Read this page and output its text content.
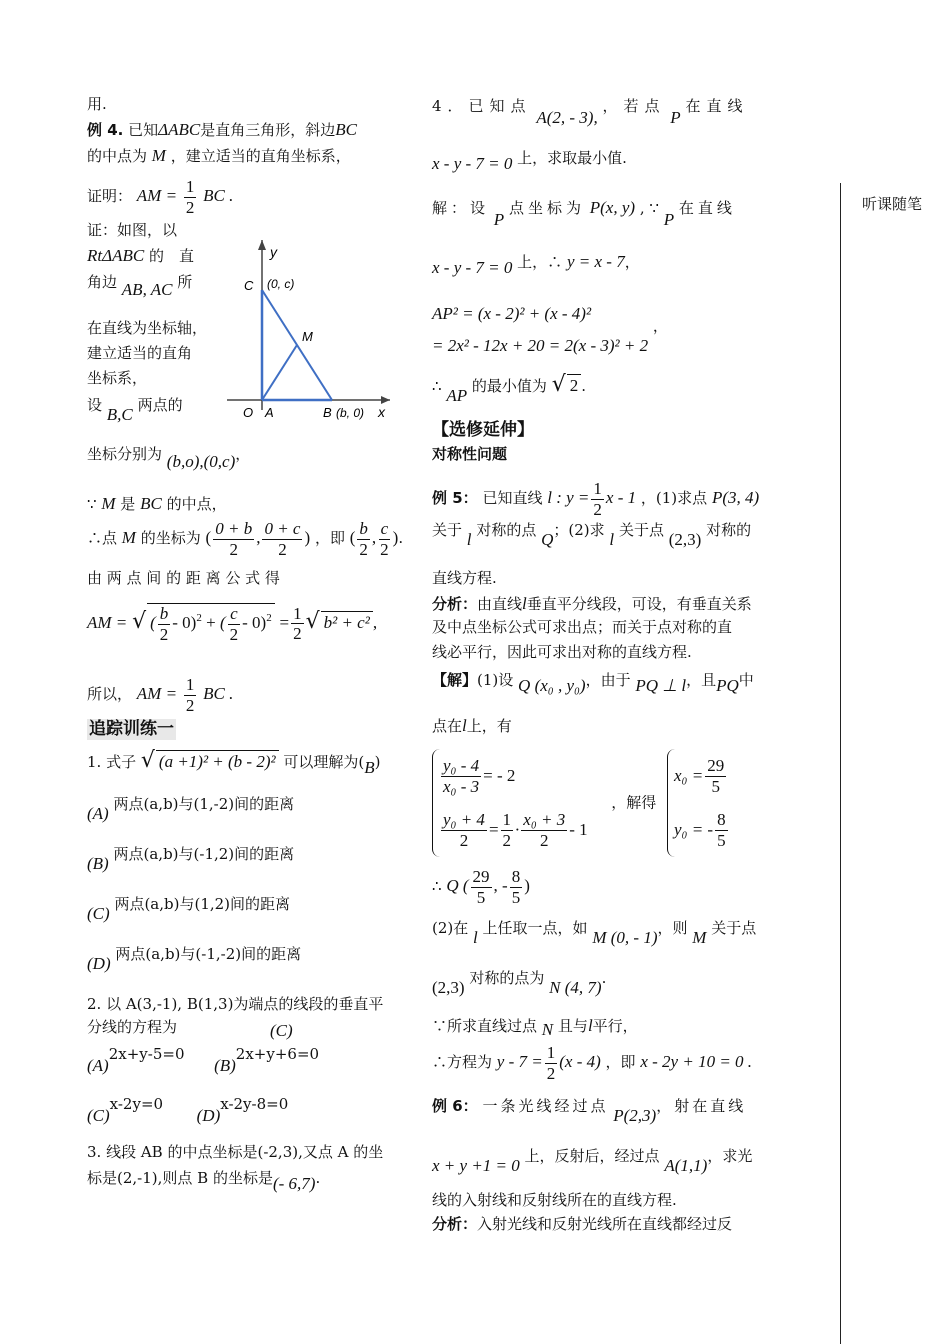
听课随笔
用.
例 4. 已知ΔABC是直角三角形，斜边BC
的中点为 M ，建立适当的直角坐标系，
证明： AM = $\frac{1}{2}$ BC .
证：如图，以
RtΔABC 的　直
角边 AB, AC 所
在直线为坐标轴，
建立适当的直角
坐标系，
设 B,C 两点的
坐标分别为 (b,o),(0,c)，
∵ M 是 BC 的中点，
∴点 M 的坐标为 ( $\frac{0 + b}{2}$ , $\frac{0 + c}{2}$ ) ，即 ( $\frac{b}{2}$ , $\frac{c}{2}$ ).
由 两 点 间 的 距 离 公 式 得
AM = √ ( $\frac{b}{2} - 0)^2$ + ( $\frac{c}{2} - 0)^2 = \frac{1}{2}$ √ b² + c² ,
所以， AM = $\frac{1}{2}$ BC .
追踪训练一
1. 式子 √ (a +1)² + (b - 2)² 可以理解为(B)
(A) 两点(a,b)与(1,-2)间的距离
(B) 两点(a,b)与(-1,2)间的距离
(C) 两点(a,b)与(1,2)间的距离
(D) 两点(a,b)与(-1,-2)间的距离
2. 以 A(3,-1), B(1,3)为端点的线段的垂直平
分线的方程为	(C)
(A)2x+y-5=0  (B)2x+y+6=0
(C)x-2y=0  (D)x-2y-8=0
3. 线段 AB 的中点坐标是(-2,3),又点 A 的坐
标是(2,-1),则点 B 的坐标是(- 6,7).
y
x
C (0, c)
M
O A	B (b, 0)
4．已知点 A(2, - 3), ，若点 P 在直线
x - y - 7 = 0 上，求取最小值.
解：设 P 点坐标为 P(x, y) , ∵ P 在直线
x - y - 7 = 0 上，∴ y = x - 7，
AP² = (x - 2)² + (x - 4)²
= 2x² - 12x + 20 = 2(x - 3)² + 2 ，
∴ AP 的最小值为 √ 2 .
【选修延伸】
对称性问题
例 5： 已知直线 l : $y = \frac{1}{2}$ x - 1 ，(1)求点 P(3, 4)
关于 l 对称的点 Q；(2)求 l 关于点 (2,3) 对称的
直线方程.
分析：由直线l垂直平分线段，可设，有垂直关系
及中点坐标公式可求出点；而关于点对称的直
线必平行，因此可求出对称的直线方程.
【解】(1)设 Q (x₀ , y₀)，由于 PQ ⊥ l，且PQ中
点在l上，有
$\frac{\text{y₀ - 4}}{\text{x₀ - 3}}$ = - 2
$\frac{\text{y₀ + 4}}{2} = \frac{1}{2} \cdot \frac{\text{x₀ + 3}}{2} - 1$
，解得
$x_0 = \frac{29}{5}$
y₀ = - $\frac{8}{5}$
∴ Q ( $\frac{29}{5}$ , - $\frac{8}{5}$ )
(2)在 l 上任取一点，如 M (0, - 1)，则 M 关于点
(2,3) 对称的点为 N (4, 7).
∵所求直线过点 N 且与l平行，
∴方程为 $y - 7 = \frac{1}{2} (x - 4)$ ，即 x - 2y + 10 = 0 .
例 6： 一条光线经过点 P(2,3)，射在直线
x + y +1 = 0 上，反射后，经过点 A(1,1)，求光
线的入射线和反射线所在的直线方程.
分析：入射光线和反射光线所在直线都经过反
